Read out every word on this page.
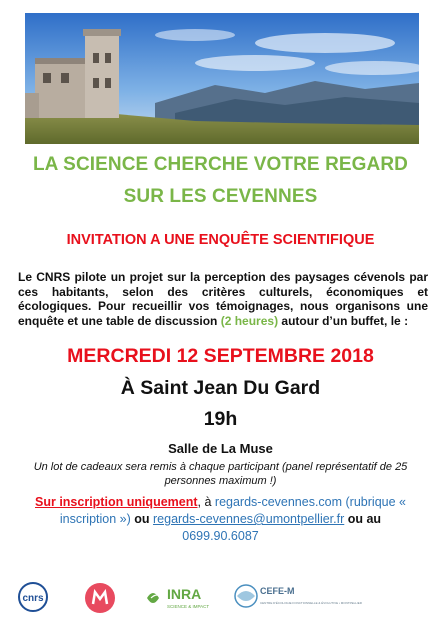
LA SCIENCE CHERCHE VOTRE REGARD
SUR LES CEVENNES
INVITATION A UNE ENQUÊTE SCIENTIFIQUE
Le CNRS pilote un projet sur la perception des paysages cévenols par ces habitants, selon des critères culturels, économiques et écologiques. Pour recueillir vos témoignages, nous organisons une enquête et une table de discussion (2 heures) autour d’un buffet, le :
MERCREDI 12 SEPTEMBRE 2018
À Saint Jean Du Gard
19h
Salle de La Muse
Un lot de cadeaux sera remis à chaque participant (panel représentatif de 25 personnes maximum !)
Sur inscription uniquement, à regards-cevennes.com (rubrique « inscription ») ou regards-cevennes@umontpellier.fr ou au
0699.90.6087
cnrs	INRA
SCIENCE & IMPACT
CEFE-M
CENTRE D'ÉCOLOGIE FONCTIONNELLE & ÉVOLUTIVE • MONTPELLIER
